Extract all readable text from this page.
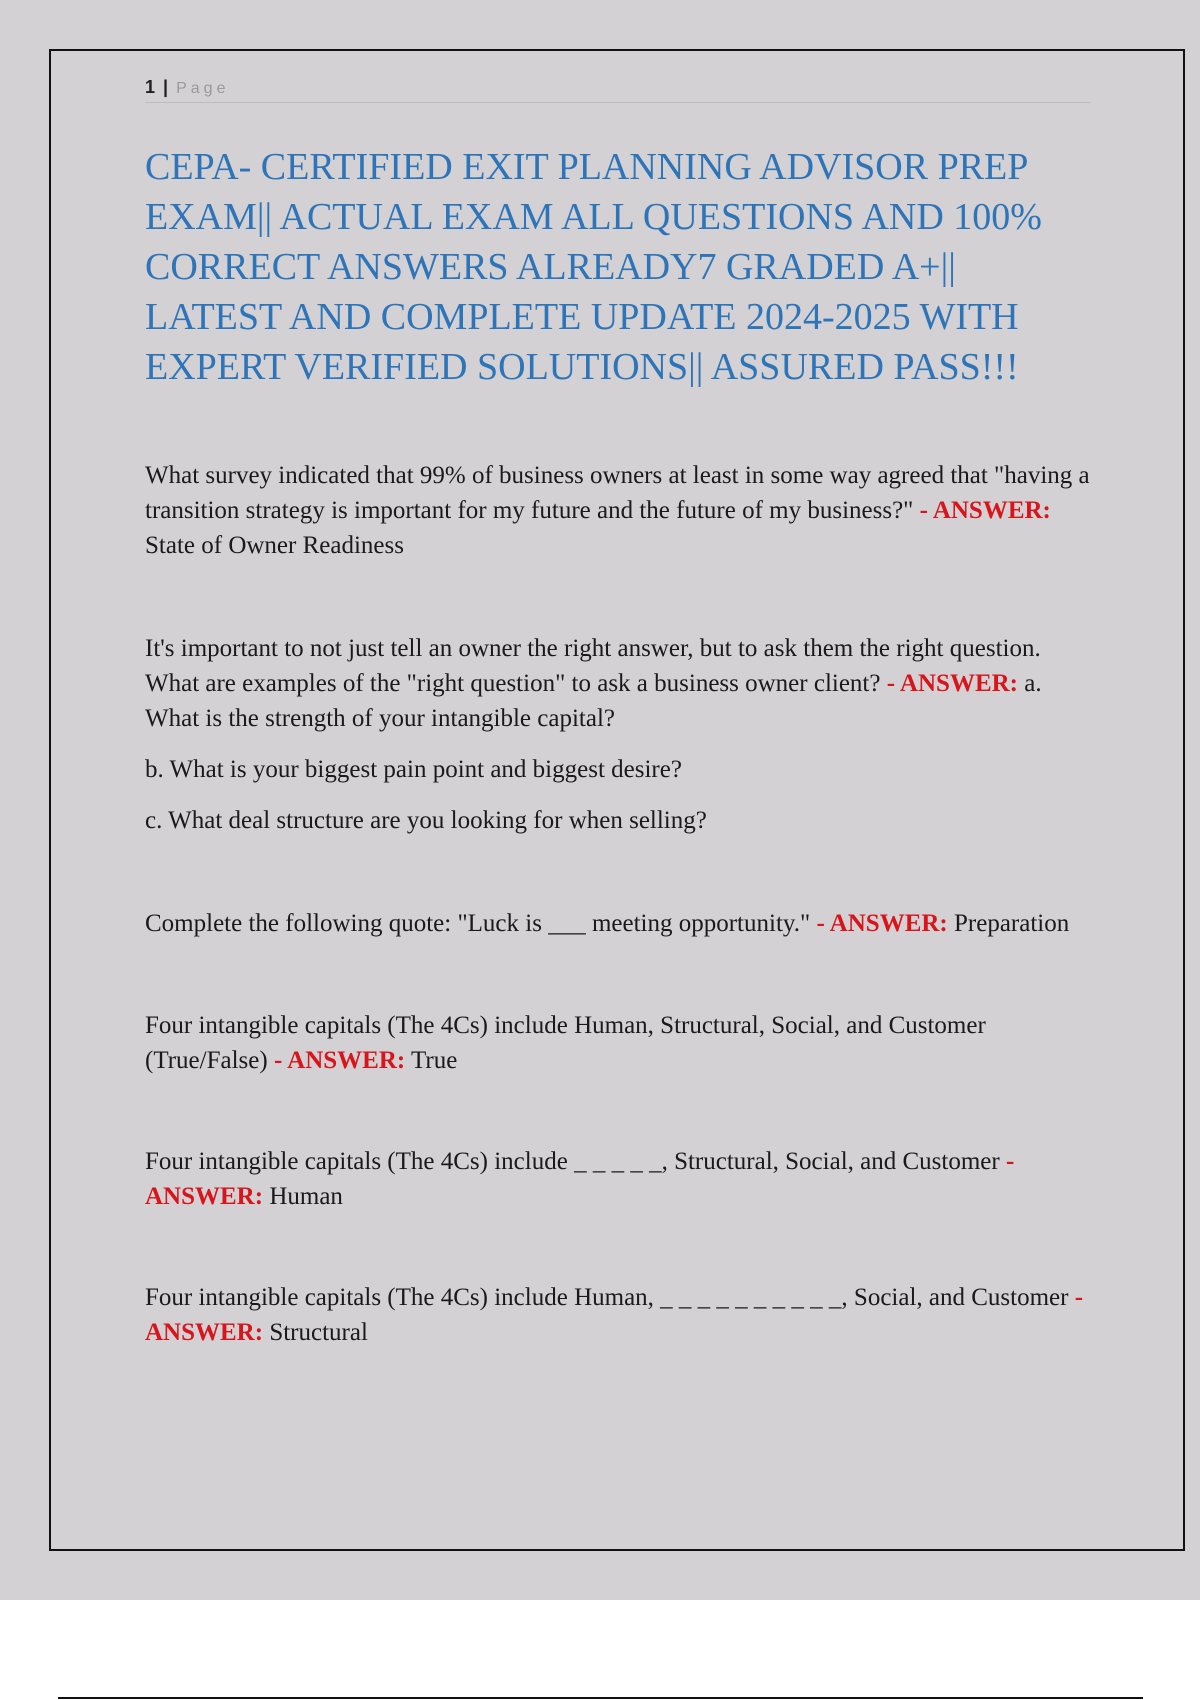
1 | Page
CEPA- CERTIFIED EXIT PLANNING ADVISOR PREP EXAM|| ACTUAL EXAM ALL QUESTIONS AND 100% CORRECT ANSWERS ALREADY7 GRADED A+|| LATEST AND COMPLETE UPDATE 2024-2025 WITH EXPERT VERIFIED SOLUTIONS|| ASSURED PASS!!!

What survey indicated that 99% of business owners at least in some way agreed that "having a transition strategy is important for my future and the future of my business?" - ANSWER: State of Owner Readiness

It's important to not just tell an owner the right answer, but to ask them the right question. What are examples of the "right question" to ask a business owner client? - ANSWER: a. What is the strength of your intangible capital?

b. What is your biggest pain point and biggest desire?

c. What deal structure are you looking for when selling?

Complete the following quote: "Luck is ___ meeting opportunity." - ANSWER: Preparation

Four intangible capitals (The 4Cs) include Human, Structural, Social, and Customer (True/False) - ANSWER: True

Four intangible capitals (The 4Cs) include _ _ _ _ _, Structural, Social, and Customer - ANSWER: Human

Four intangible capitals (The 4Cs) include Human, _ _ _ _ _ _ _ _ _ _, Social, and Customer - ANSWER: Structural
